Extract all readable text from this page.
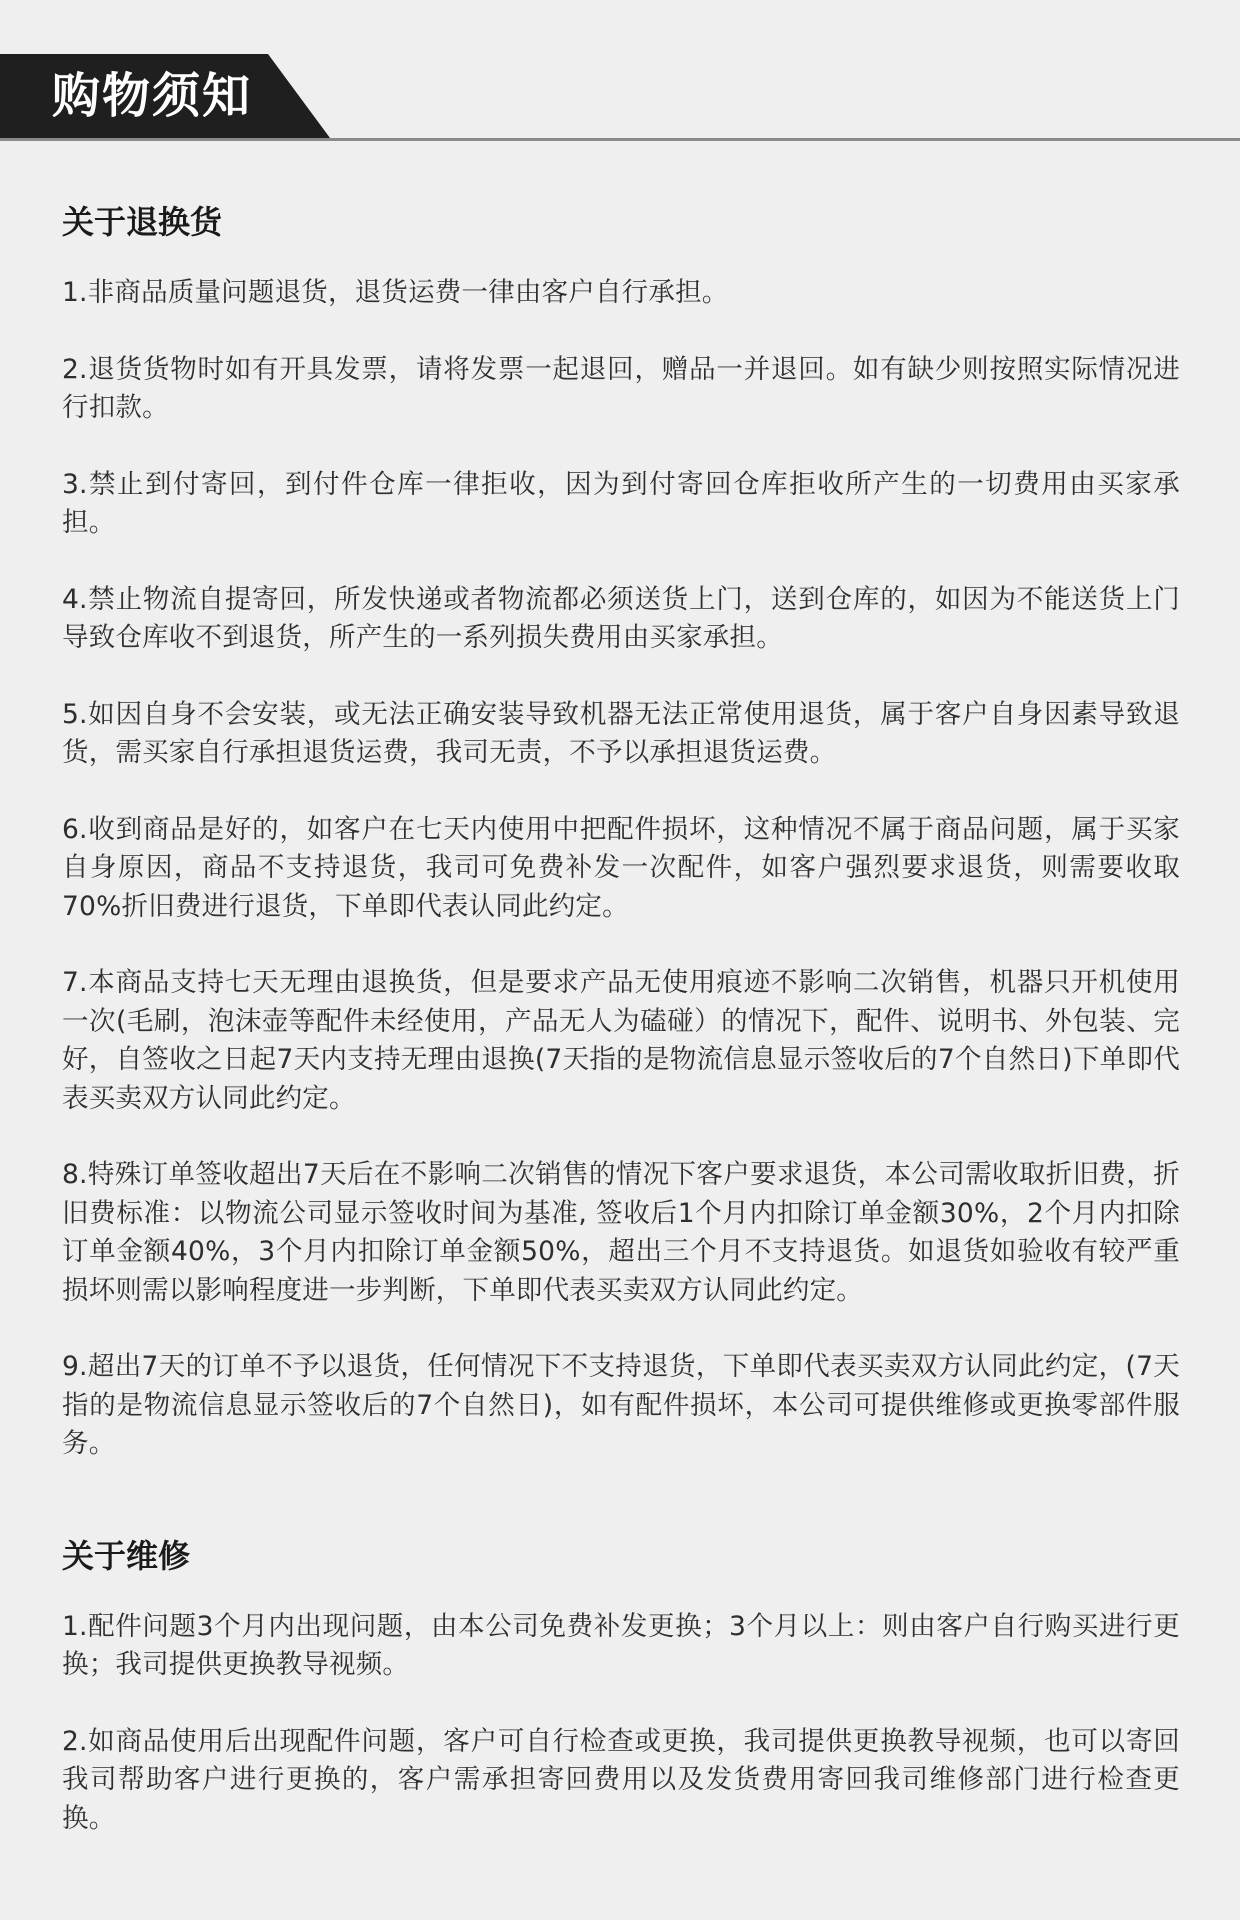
购物须知
关于退换货

1.非商品质量问题退货，退货运费一律由客户自行承担。

2.退货货物时如有开具发票，请将发票一起退回，赠品一并退回。如有缺少则按照实际情况进行扣款。

3.禁止到付寄回，到付件仓库一律拒收，因为到付寄回仓库拒收所产生的一切费用由买家承担。

4.禁止物流自提寄回，所发快递或者物流都必须送货上门，送到仓库的，如因为不能送货上门导致仓库收不到退货，所产生的一系列损失费用由买家承担。

5.如因自身不会安装，或无法正确安装导致机器无法正常使用退货，属于客户自身因素导致退货，需买家自行承担退货运费，我司无责，不予以承担退货运费。

6.收到商品是好的，如客户在七天内使用中把配件损坏，这种情况不属于商品问题，属于买家自身原因，商品不支持退货，我司可免费补发一次配件，如客户强烈要求退货，则需要收取70%折旧费进行退货，下单即代表认同此约定。

7.本商品支持七天无理由退换货，但是要求产品无使用痕迹不影响二次销售，机器只开机使用一次(毛刷，泡沫壶等配件未经使用，产品无人为磕碰）的情况下，配件、说明书、外包装、完好，自签收之日起7天内支持无理由退换(7天指的是物流信息显示签收后的7个自然日)下单即代表买卖双方认同此约定。

8.特殊订单签收超出7天后在不影响二次销售的情况下客户要求退货，本公司需收取折旧费，折旧费标准：以物流公司显示签收时间为基准, 签收后1个月内扣除订单金额30%，2个月内扣除订单金额40%，3个月内扣除订单金额50%，超出三个月不支持退货。如退货如验收有较严重损坏则需以影响程度进一步判断，下单即代表买卖双方认同此约定。

9.超出7天的订单不予以退货，任何情况下不支持退货，下单即代表买卖双方认同此约定，(7天指的是物流信息显示签收后的7个自然日)，如有配件损坏，本公司可提供维修或更换零部件服务。

关于维修

1.配件问题3个月内出现问题，由本公司免费补发更换；3个月以上：则由客户自行购买进行更换；我司提供更换教导视频。

2.如商品使用后出现配件问题，客户可自行检查或更换，我司提供更换教导视频，也可以寄回我司帮助客户进行更换的，客户需承担寄回费用以及发货费用寄回我司维修部门进行检查更换。
